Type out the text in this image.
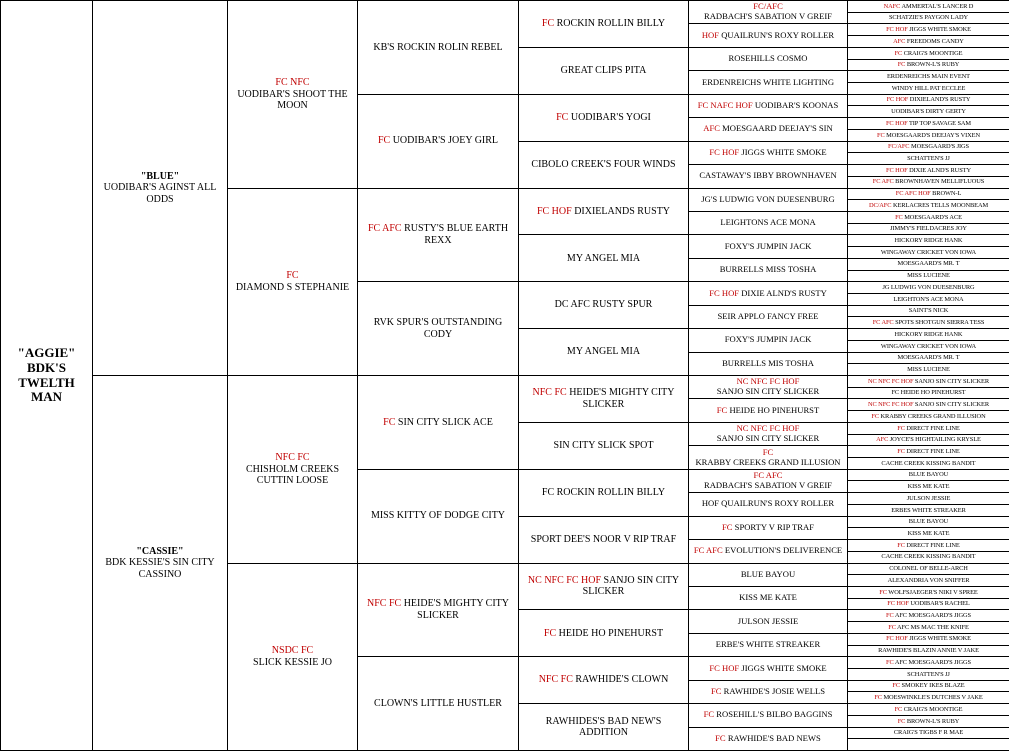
"AGGIE"
BDK'S TWELTH MAN
"BLUE"
UODIBAR'S AGINST ALL ODDS
"CASSIE"
BDK KESSIE'S SIN CITY CASSINO
FC NFC
UODIBAR'S SHOOT THE MOON
FC
DIAMOND S STEPHANIE
NFC FC
CHISHOLM CREEKS CUTTIN LOOSE
NSDC FC
SLICK KESSIE JO
KB'S ROCKIN ROLIN REBEL
FC UODIBAR'S JOEY GIRL
FC AFC RUSTY'S BLUE EARTH REXX
RVK SPUR'S OUTSTANDING CODY
FC SIN CITY SLICK ACE
MISS KITTY OF DODGE CITY
NFC FC HEIDE'S MIGHTY CITY SLICKER
CLOWN'S LITTLE HUSTLER
FC ROCKIN ROLLIN BILLY
GREAT CLIPS PITA
FC UODIBAR'S YOGI
CIBOLO CREEK'S FOUR WINDS
FC HOF DIXIELANDS RUSTY
MY ANGEL MIA
DC AFC RUSTY SPUR
MY ANGEL MIA
NFC FC HEIDE'S MIGHTY CITY SLICKER
SIN CITY SLICK SPOT
FC ROCKIN ROLLIN BILLY
SPORT DEE'S NOOR V RIP TRAF
NC NFC FC HOF SANJO SIN CITY SLICKER
FC HEIDE HO PINEHURST
NFC FC RAWHIDE'S CLOWN
RAWHIDES'S BAD NEW'S ADDITION
FC/AFC RADBACH'S SABATION V GREIF
HOF QUAILRUN'S ROXY ROLLER
ROSEHILLS COSMO
ERDENREICHS WHITE LIGHTING
FC NAFC HOF UODIBAR'S KOONAS
AFC MOESGAARD DEEJAY'S SIN
FC HOF JIGGS WHITE SMOKE
CASTAWAY'S IBBY BROWNHAVEN
JG'S LUDWIG VON DUESENBURG
LEIGHTONS ACE MONA
FOXY'S JUMPIN JACK
BURRELLS MISS TOSHA
FC HOF DIXIE ALND'S RUSTY
SEIR APPLO FANCY FREE
FOXY'S JUMPIN JACK
BURRELLS MIS TOSHA
NC NFC FC HOF SANJO SIN CITY SLICKER
FC HEIDE HO PINEHURST
NC NFC FC HOF SANJO SIN CITY SLICKER
FC KRABBY CREEKS GRAND ILLUSION
FC AFC RADBACH'S SABATION V GREIF
HOF QUAILRUN'S ROXY ROLLER
FC SPORTY V RIP TRAF
FC AFC EVOLUTION'S DELIVERENCE
BLUE BAYOU
KISS ME KATE
JULSON JESSIE
ERBE'S WHITE STREAKER
FC HOF JIGGS WHITE SMOKE
FC RAWHIDE'S JOSIE WELLS
FC ROSEHILL'S BILBO BAGGINS
FC RAWHIDE'S BAD NEWS
NAFC AMMERTAL'S LANCER D
SCHATZIE'S PAYGON LADY
FC HOF JIGGS WHITE SMOKE
AFC FREEDOMS CANDY
FC CRAIG'S MOONTIGE
FC BROWN-L'S RUBY
ERDENREICHS MAIN EVENT
WINDY HILL PAT ECCLEE
FC HOF DIXIELAND'S RUSTY
UODIBAR'S DIRTY GERTY
FC HOF TIP TOP SAVAGE SAM
FC MOESGAARD'S DEEJAY'S VIXEN
FC/AFC MOESGAARD'S JIGS
SCHATTEN'S JJ
FC HOF DIXIE ALND'S RUSTY
FC AFC BROWNHAVEN MELLIFLUOUS
FC AFC HOF BROWN-L
DC/AFC KERLACRES TELLS MOONBEAM
FC MOESGAARD'S ACE
JIMMY'S FIELDACRES JOY
HICKORY RIDGE HANK
WINGAWAY CRICKET VON IOWA
MOESGAARD'S MR. T
MISS LUCIENE
JG LUDWIG VON DUESENBURG
LEIGHTON'S ACE MONA
SAINT'S NICK
FC AFC SPOTS SHOTGUN SIERRA TESS
HICKORY RIDGE HANK
WINGAWAY CRICKET VON IOWA
MOESGAARD'S MR. T
MISS LUCIENE
NC NFC FC HOF SANJO SIN CITY SLICKER
FC HEIDE HO PINEHURST
NC NFC FC HOF SANJO SIN CITY SLICKER
FC KRABBY CREEKS GRAND ILLUSION
FC DIRECT FINE LINE
AFC JOYCE'S HIGHTAILING KRYSLE
FC DIRECT FINE LINE
CACHE CREEK KISSING BANDIT
BLUE BAYOU
KISS ME KATE
JULSON JESSIE
ERBES WHITE STREAKER
BLUE BAYOU
KISS ME KATE
FC DIRECT FINE LINE
CACHE CREEK KISSING BANDIT
COLONEL OF BELLE-ARCH
ALEXANDRIA VON SNIFFER
FC WOLFSJAEGER'S NIKI V SPREE
FC HOF UODIBAR'S RACHEL
FC AFC MOESGAARD'S JIGGS
FC AFC MS MAC THE KNIFE
FC HOF JIGGS WHITE SMOKE
RAWHIDE'S BLAZIN ANNIE V JAKE
FC AFC MOESGAARD'S JIGGS
SCHATTEN'S JJ
FC SMOKEY IKES BLAZE
FC MOESWINKLE'S DUTCHES V JAKE
FC CRAIG'S MOONTIGE
FC BROWN-L'S RUBY
CRAIG'S TIGBS F R MAE
